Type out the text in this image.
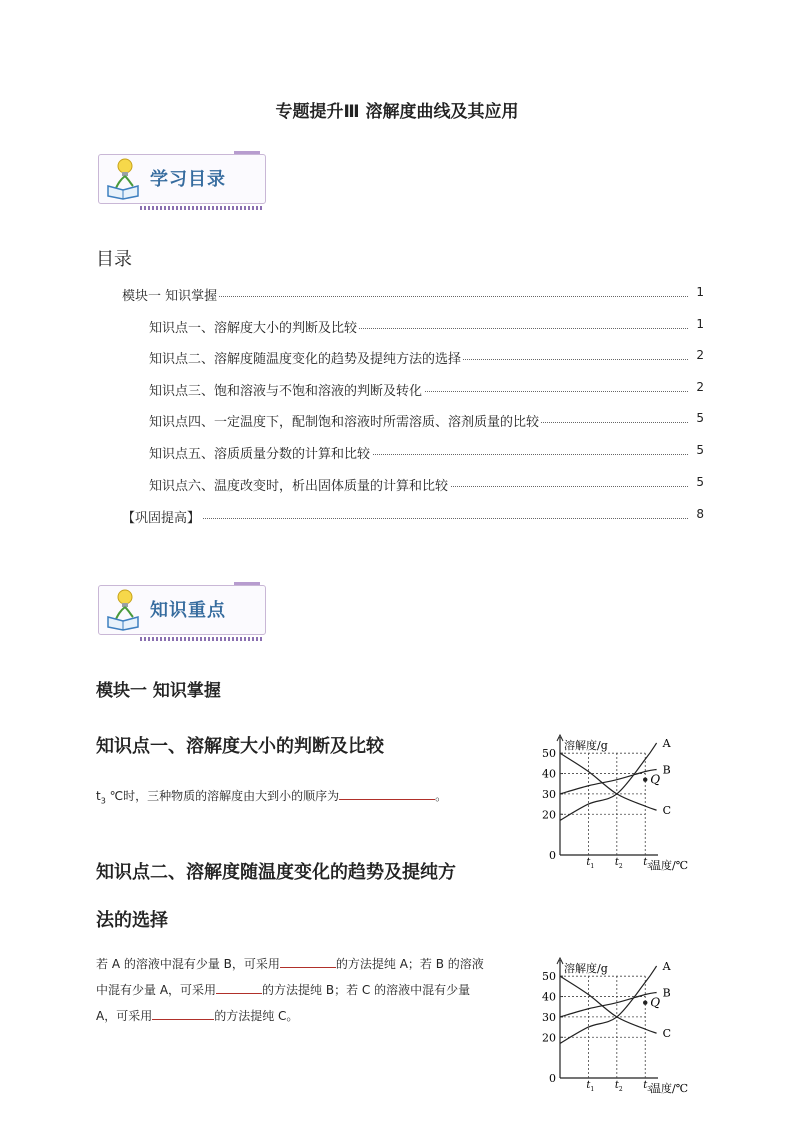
专题提升Ⅲ 溶解度曲线及其应用
学习目录
目录
模块一 知识掌握	1
知识点一、溶解度大小的判断及比较	1
知识点二、溶解度随温度变化的趋势及提纯方法的选择	2
知识点三、饱和溶液与不饱和溶液的判断及转化	2
知识点四、一定温度下，配制饱和溶液时所需溶质、溶剂质量的比较	5
知识点五、溶质质量分数的计算和比较	5
知识点六、温度改变时，析出固体质量的计算和比较	5
【巩固提高】	8
知识重点
模块一 知识掌握
知识点一、溶解度大小的判断及比较
$t_3$ ℃时，三种物质的溶解度由大到小的顺序为	。
知识点二、溶解度随温度变化的趋势及提纯方
法的选择
若 A 的溶液中混有少量 B，可采用	的方法提纯 A；若 B 的溶液
中混有少量 A，可采用	的方法提纯 B；若 C 的溶液中混有少量
A，可采用	的方法提纯 C。
溶解度/g
温度/℃
0
20
30
40
50
t 1 t 2 t 3
A
B
C
Q
溶解度/g
温度/℃
0
20
30
40
50
t 1 t 2 t 3
A
B
C
Q
